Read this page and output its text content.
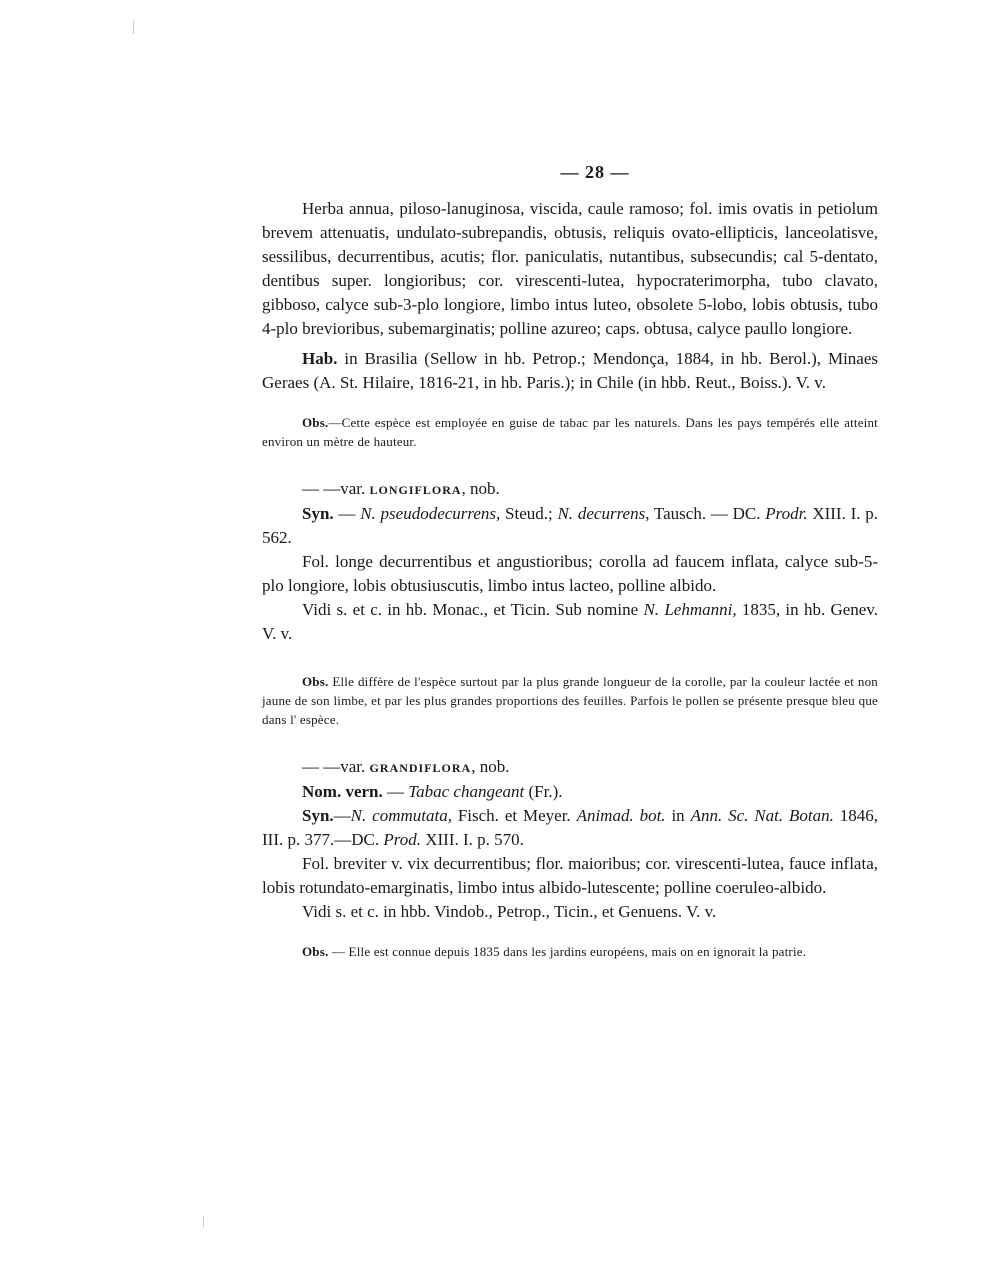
— 28 —

Herba annua, piloso-lanuginosa, viscida, caule ramoso; fol. imis ovatis in petiolum brevem attenuatis, undulato-subrepandis, obtusis, reliquis ovato-ellipticis, lanceolatisve, sessilibus, decurrentibus, acutis; flor. paniculatis, nutantibus, subsecundis; cal 5-dentato, dentibus super. longioribus; cor. virescenti-lutea, hypocraterimorpha, tubo clavato, gibboso, calyce sub-3-plo longiore, limbo intus luteo, obsolete 5-lobo, lobis obtusis, tubo 4-plo brevioribus, subemarginatis; polline azureo; caps. obtusa, calyce paullo longiore.

Hab. in Brasilia (Sellow in hb. Petrop.; Mendonça, 1884, in hb. Berol.), Minaes Geraes (A. St. Hilaire, 1816-21, in hb. Paris.); in Chile (in hbb. Reut., Boiss.). V. v.

Obs.—Cette espèce est employée en guise de tabac par les naturels. Dans les pays tempérés elle atteint environ un mètre de hauteur.

— —var. LONGIFLORA, nob.

Syn. — N. pseudodecurrens, Steud.; N. decurrens, Tausch. — DC. Prodr. XIII. I. p. 562.

Fol. longe decurrentibus et angustioribus; corolla ad faucem inflata, calyce sub-5-plo longiore, lobis obtusiuscutis, limbo intus lacteo, polline albido.

Vidi s. et c. in hb. Monac., et Ticin. Sub nomine N. Lehmanni, 1835, in hb. Genev. V. v.

Obs. Elle diffère de l'espèce surtout par la plus grande longueur de la corolle, par la couleur lactée et non jaune de son limbe, et par les plus grandes proportions des feuilles. Parfois le pollen se présente presque bleu que dans l' espèce.

— —var. GRANDIFLORA, nob.

Nom. vern. — Tabac changeant (Fr.).

Syn.—N. commutata, Fisch. et Meyer. Animad. bot. in Ann. Sc. Nat. Botan. 1846, III. p. 377.—DC. Prod. XIII. I. p. 570.

Fol. breviter v. vix decurrentibus; flor. maioribus; cor. virescenti-lutea, fauce inflata, lobis rotundato-emarginatis, limbo intus albido-lutescente; polline coeruleo-albido.

Vidi s. et c. in hbb. Vindob., Petrop., Ticin., et Genuens. V. v.

Obs. — Elle est connue depuis 1835 dans les jardins européens, mais on en ignorait la patrie.
